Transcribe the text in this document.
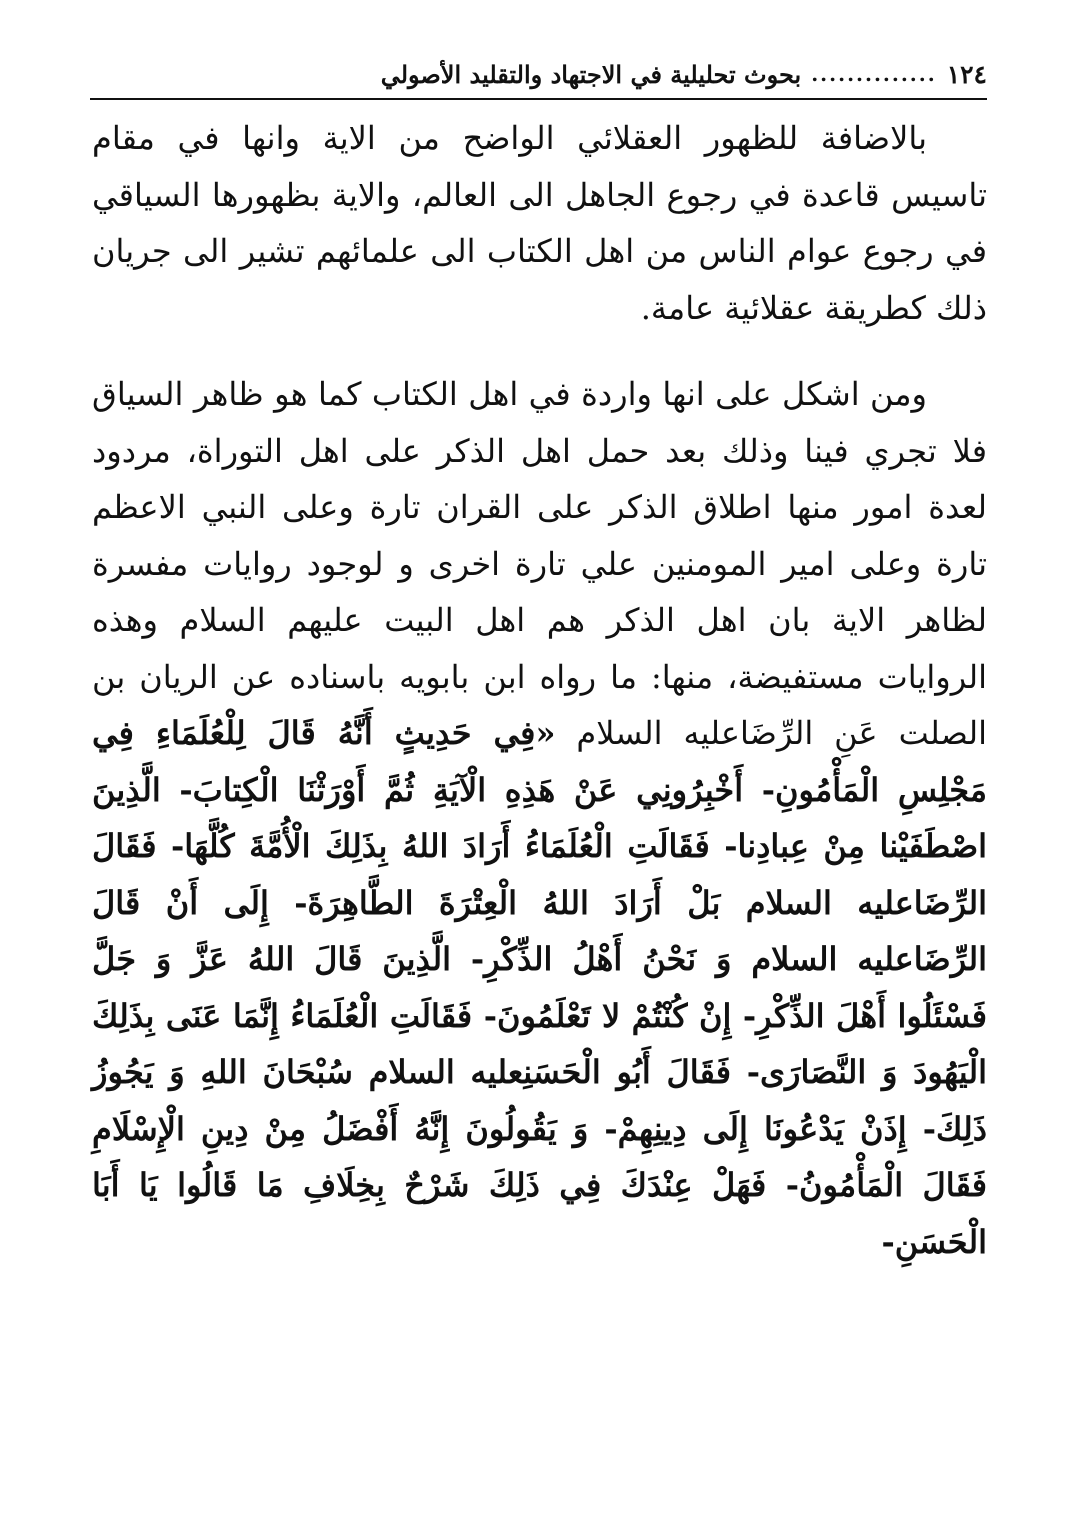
١٢٤
..............
بحوث تحليلية في الاجتهاد والتقليد الأصولي

بالاضافة للظهور العقلائي الواضح من الاية وانها في مقام تاسيس قاعدة في رجوع الجاهل الى العالم، والاية بظهورها السياقي في رجوع عوام الناس من اهل الكتاب الى علمائهم تشير الى جريان ذلك كطريقة عقلائية عامة.

ومن اشكل على انها واردة في اهل الكتاب كما هو ظاهر السياق فلا تجري فينا وذلك بعد حمل اهل الذكر على اهل التوراة، مردود لعدة امور منها اطلاق الذكر على القران تارة وعلى النبي الاعظم تارة وعلى امير المومنين علي تارة اخرى و لوجود روايات مفسرة لظاهر الاية بان اهل الذكر هم اهل البيت عليهم السلام وهذه الروايات مستفيضة، منها: ما رواه ابن بابويه باسناده عن الريان بن الصلت عَنِ الرِّضَاعليه السلام «فِي حَدِيثٍ أَنَّهُ قَالَ لِلْعُلَمَاءِ فِي مَجْلِسِ الْمَأْمُونِ- أَخْبِرُونِي عَنْ هَذِهِ الْآيَةِ ثُمَّ أَوْرَثْنَا الْكِتابَ- الَّذِينَ اصْطَفَيْنا مِنْ عِبادِنا- فَقَالَتِ الْعُلَمَاءُ أَرَادَ اللهُ بِذَلِكَ الْأُمَّةَ كُلَّهَا- فَقَالَ الرِّضَاعليه السلام بَلْ أَرَادَ اللهُ الْعِتْرَةَ الطَّاهِرَةَ- إِلَى أَنْ قَالَ الرِّضَاعليه السلام وَ نَحْنُ أَهْلُ الذِّكْرِ- الَّذِينَ قَالَ اللهُ عَزَّ وَ جَلَّ فَسْئَلُوا أَهْلَ الذِّكْرِ- إِنْ كُنْتُمْ لا تَعْلَمُونَ- فَقَالَتِ الْعُلَمَاءُ إِنَّمَا عَنَى بِذَلِكَ الْيَهُودَ وَ النَّصَارَى- فَقَالَ أَبُو الْحَسَنِعليه السلام سُبْحَانَ اللهِ وَ يَجُوزُ ذَلِكَ- إِذَنْ يَدْعُونَا إِلَى دِينِهِمْ- وَ يَقُولُونَ إِنَّهُ أَفْضَلُ مِنْ دِينِ الْإِسْلَامِ فَقَالَ الْمَأْمُونُ- فَهَلْ عِنْدَكَ فِي ذَلِكَ شَرْحٌ بِخِلَافِ مَا قَالُوا يَا أَبَا الْحَسَنِ-
